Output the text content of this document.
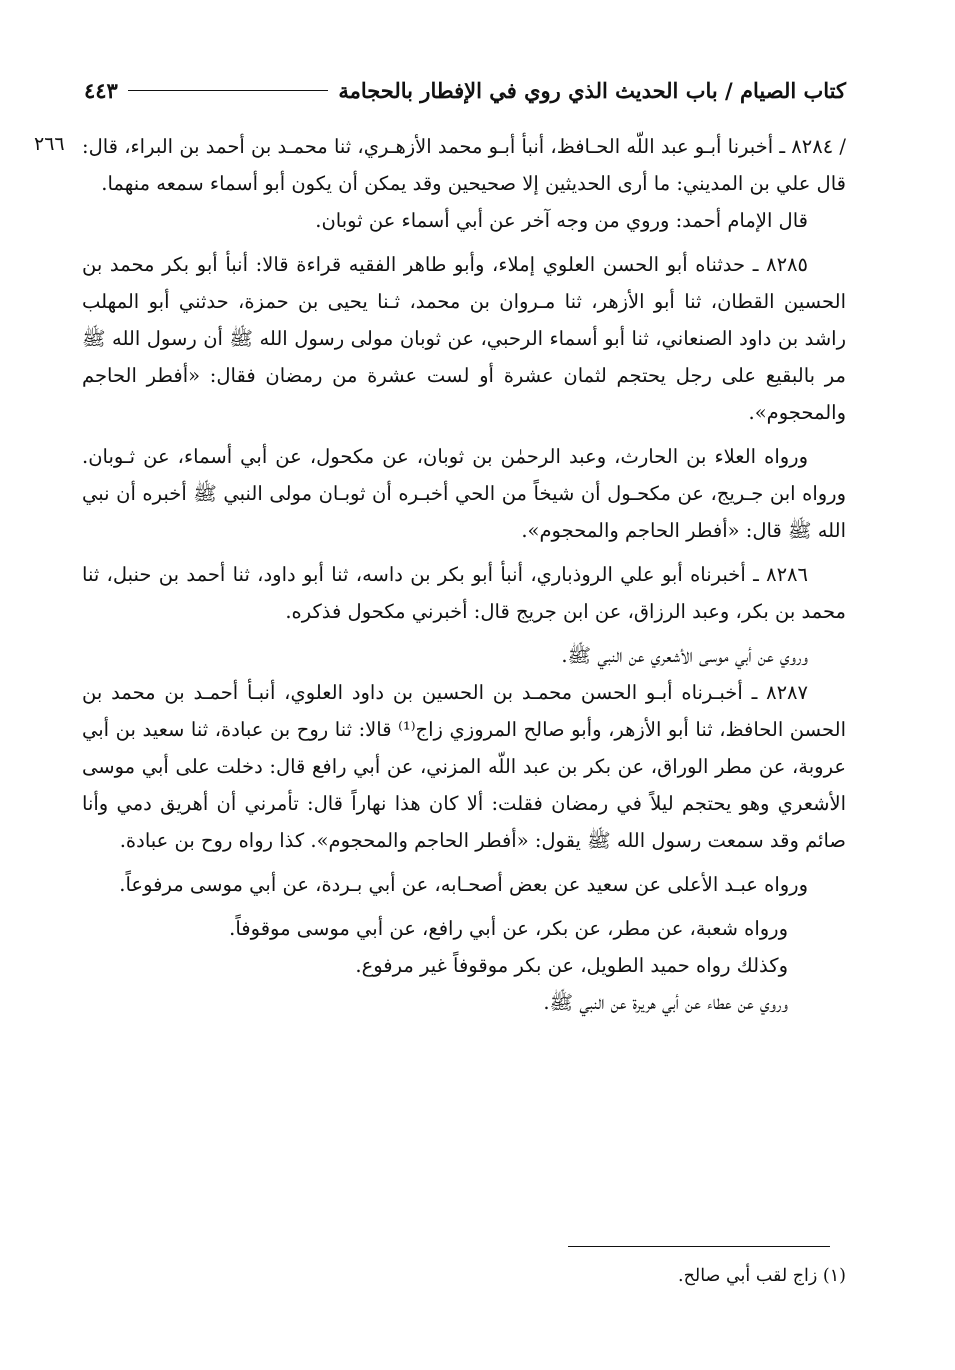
كتاب الصيام / باب الحديث الذي روي في الإفطار بالحجامة
٤٤٣
٢٦٦ / ٨٢٨٤ ـ أخبرنا أبـو عبد اللّه الحـافظ، أنبأ أبـو محمد الأزهـري، ثنا محمـد بن أحمد بن البراء، قال: قال علي بن المديني: ما أرى الحديثين إلا صحيحين وقد يمكن أن يكون أبو أسماء سمعه منهما.

قال الإمام أحمد: وروي من وجه آخر عن أبي أسماء عن ثوبان.

٨٢٨٥ ـ حدثناه أبو الحسن العلوي إملاء، وأبو طاهر الفقيه قراءة قالا: أنبأ أبو بكر محمد بن الحسين القطان، ثنا أبو الأزهر، ثنا مـروان بن محمد، ثـنا يحيى بن حمزة، حدثني أبو المهلب راشد بن داود الصنعاني، ثنا أبو أسماء الرحبي، عن ثوبان مولى رسول الله ﷺ أن رسول الله ﷺ مر بالبقيع على رجل يحتجم لثمان عشرة أو لست عشرة من رمضان فقال: «أفطر الحاجم والمحجوم».

ورواه العلاء بن الحارث، وعبد الرحمٰن بن ثوبان، عن مكحول، عن أبي أسماء، عن ثـوبان. ورواه ابن جـريج، عن مكحـول أن شيخاً من الحي أخبـره أن ثوبـان مولى النبي ﷺ أخبره أن نبي الله ﷺ قال: «أفطر الحاجم والمحجوم».

٨٢٨٦ ـ أخبرناه أبو علي الروذباري، أنبأ أبو بكر بن داسه، ثنا أبو داود، ثنا أحمد بن حنبل، ثنا محمد بن بكر، وعبد الرزاق، عن ابن جريج قال: أخبرني مكحول فذكره.

وروي عن أبي موسى الأشعري عن النبي ﷺ.

٨٢٨٧ ـ أخبـرناه أبـو الحسن محمـد بن الحسين بن داود العلوي، أنبـأ أحمـد بن محمد بن الحسن الحافظ، ثنا أبو الأزهر، وأبو صالح المروزي زاج⁽¹⁾ قالا: ثنا روح بن عبادة، ثنا سعيد بن أبي عروبة، عن مطر الوراق، عن بكر بن عبد اللّه المزني، عن أبي رافع قال: دخلت على أبي موسى الأشعري وهو يحتجم ليلاً في رمضان فقلت: ألا كان هذا نهاراً قال: تأمرني أن أهريق دمي وأنا صائم وقد سمعت رسول الله ﷺ يقول: «أفطر الحاجم والمحجوم». كذا رواه روح بن عبادة.

ورواه عبـد الأعلى عن سعيد عن بعض أصحـابه، عن أبي بـردة، عن أبي موسى مرفوعاً.

ورواه شعبة، عن مطر، عن بكر، عن أبي رافع، عن أبي موسى موقوفاً.

وكذلك رواه حميد الطويل، عن بكر موقوفاً غير مرفوع.

وروي عن عطاء عن أبي هريرة عن النبي ﷺ.

(١) زاج لقب أبي صالح.
